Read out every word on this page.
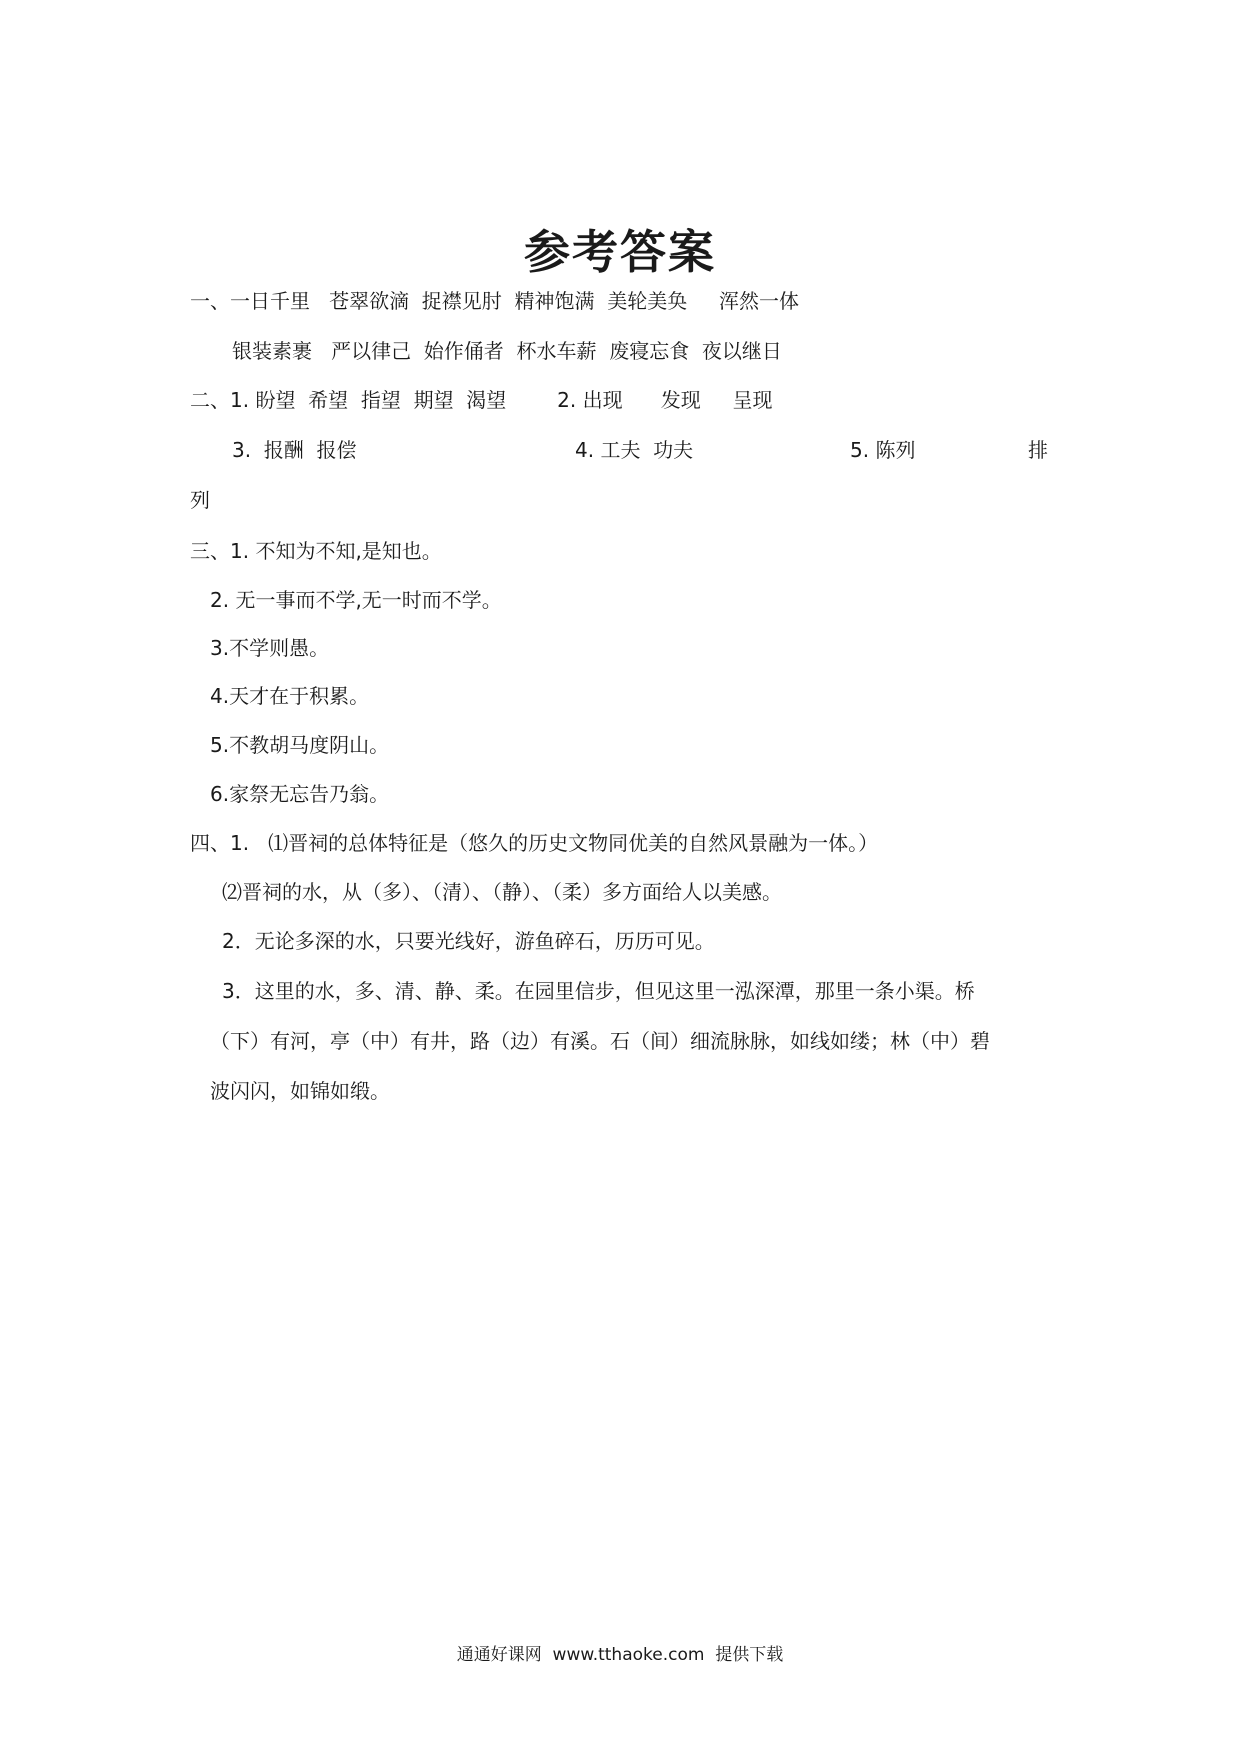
参考答案
一、一日千里   苍翠欲滴  捉襟见肘  精神饱满  美轮美奂     浑然一体
银装素裹   严以律己  始作俑者  杯水车薪  废寝忘食  夜以继日
二、1. 盼望  希望  指望  期望  渴望        2. 出现      发现     呈现
3.  报酬  报偿	4. 工夫  功夫	5. 陈列	排
列
三、1. 不知为不知,是知也。
2. 无一事而不学,无一时而不学。
3.不学则愚。
4.天才在于积累。
5.不教胡马度阴山。
6.家祭无忘告乃翁。
四、1.   ⑴晋祠的总体特征是（悠久的历史文物同优美的自然风景融为一体。）
⑵晋祠的水，从（多）、（清）、（静）、（柔）多方面给人以美感。
2．无论多深的水，只要光线好，游鱼碎石，历历可见。
3．这里的水，多、清、静、柔。在园里信步，但见这里一泓深潭，那里一条小渠。桥
（下）有河，亭（中）有井，路（边）有溪。石（间）细流脉脉，如线如缕；林（中）碧
波闪闪，如锦如缎。
通通好课网  www.tthaoke.com  提供下载
